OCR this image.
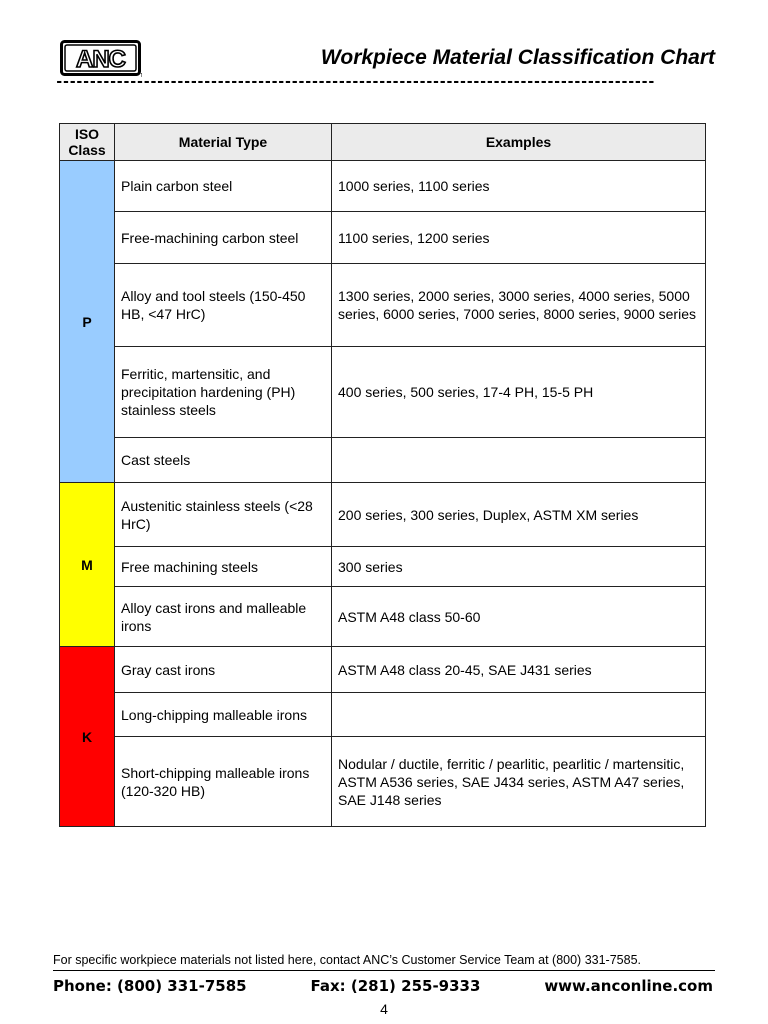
ANC
T
Workpiece Material Classification Chart
-----------------------------------------------------------------------------------------
ISO Class	Material Type	Examples
P	Plain carbon steel	1000 series, 1100 series
	Free-machining carbon steel	1100 series, 1200 series
	Alloy and tool steels (150-450 HB, <47 HrC)	1300 series, 2000 series, 3000 series, 4000 series, 5000 series, 6000 series, 7000 series, 8000 series, 9000 series
	Ferritic, martensitic, and precipitation hardening (PH) stainless steels	400 series, 500 series, 17-4 PH, 15-5 PH
	Cast steels	
M	Austenitic stainless steels (<28 HrC)	200 series, 300 series, Duplex, ASTM XM series
	Free machining steels	300 series
	Alloy cast irons and malleable irons	ASTM A48 class 50-60
K	Gray cast irons	ASTM A48 class 20-45, SAE J431 series
	Long-chipping malleable irons	
	Short-chipping malleable irons (120-320 HB)	Nodular / ductile, ferritic / pearlitic, pearlitic / martensitic, ASTM A536 series, SAE J434 series, ASTM A47 series, SAE J148 series
For specific workpiece materials not listed here, contact ANC’s Customer Service Team at (800) 331-7585.
Phone: (800) 331-7585	Fax: (281) 255-9333	www.anconline.com
4
